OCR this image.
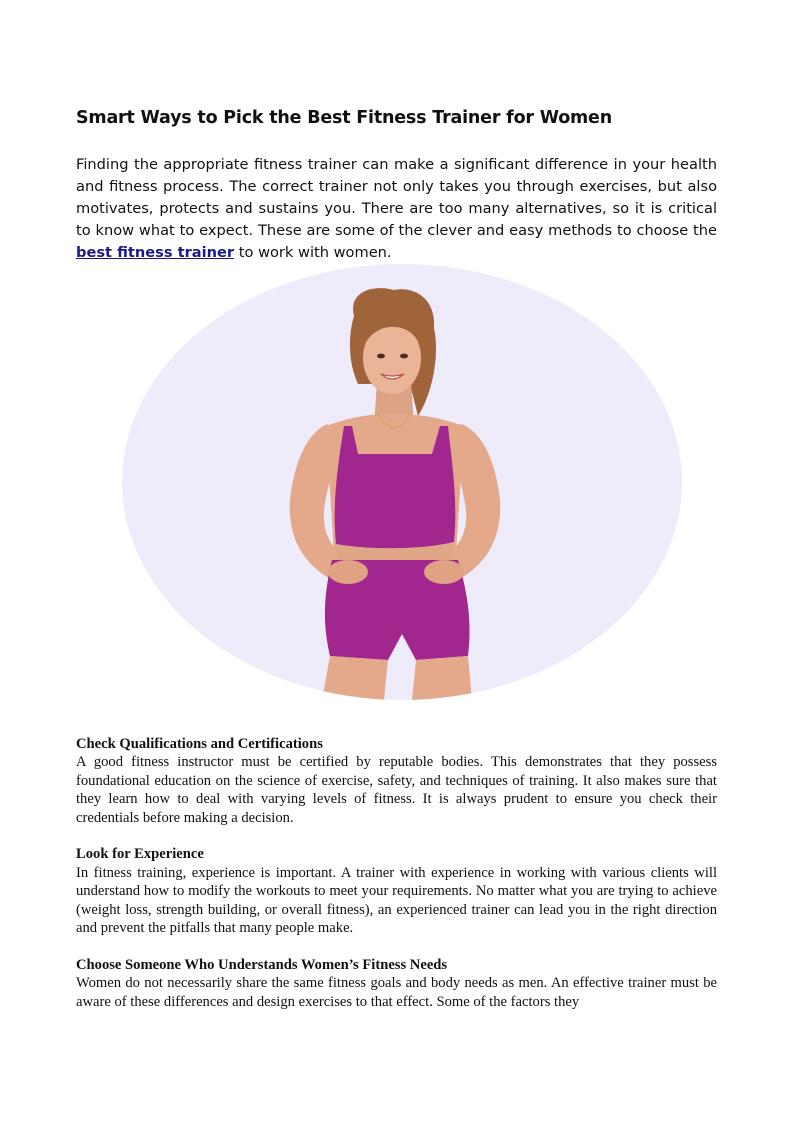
Smart Ways to Pick the Best Fitness Trainer for Women

Finding the appropriate fitness trainer can make a significant difference in your health and fitness process. The correct trainer not only takes you through exercises, but also motivates, protects and sustains you. There are too many alternatives, so it is critical to know what to expect. These are some of the clever and easy methods to choose the best fitness trainer to work with women.

Check Qualifications and Certifications

A good fitness instructor must be certified by reputable bodies. This demonstrates that they possess foundational education on the science of exercise, safety, and techniques of training. It also makes sure that they learn how to deal with varying levels of fitness. It is always prudent to ensure you check their credentials before making a decision.

Look for Experience

In fitness training, experience is important. A trainer with experience in working with various clients will understand how to modify the workouts to meet your requirements. No matter what you are trying to achieve (weight loss, strength building, or overall fitness), an experienced trainer can lead you in the right direction and prevent the pitfalls that many people make.

Choose Someone Who Understands Women’s Fitness Needs

Women do not necessarily share the same fitness goals and body needs as men. An effective trainer must be aware of these differences and design exercises to that effect. Some of the factors they
